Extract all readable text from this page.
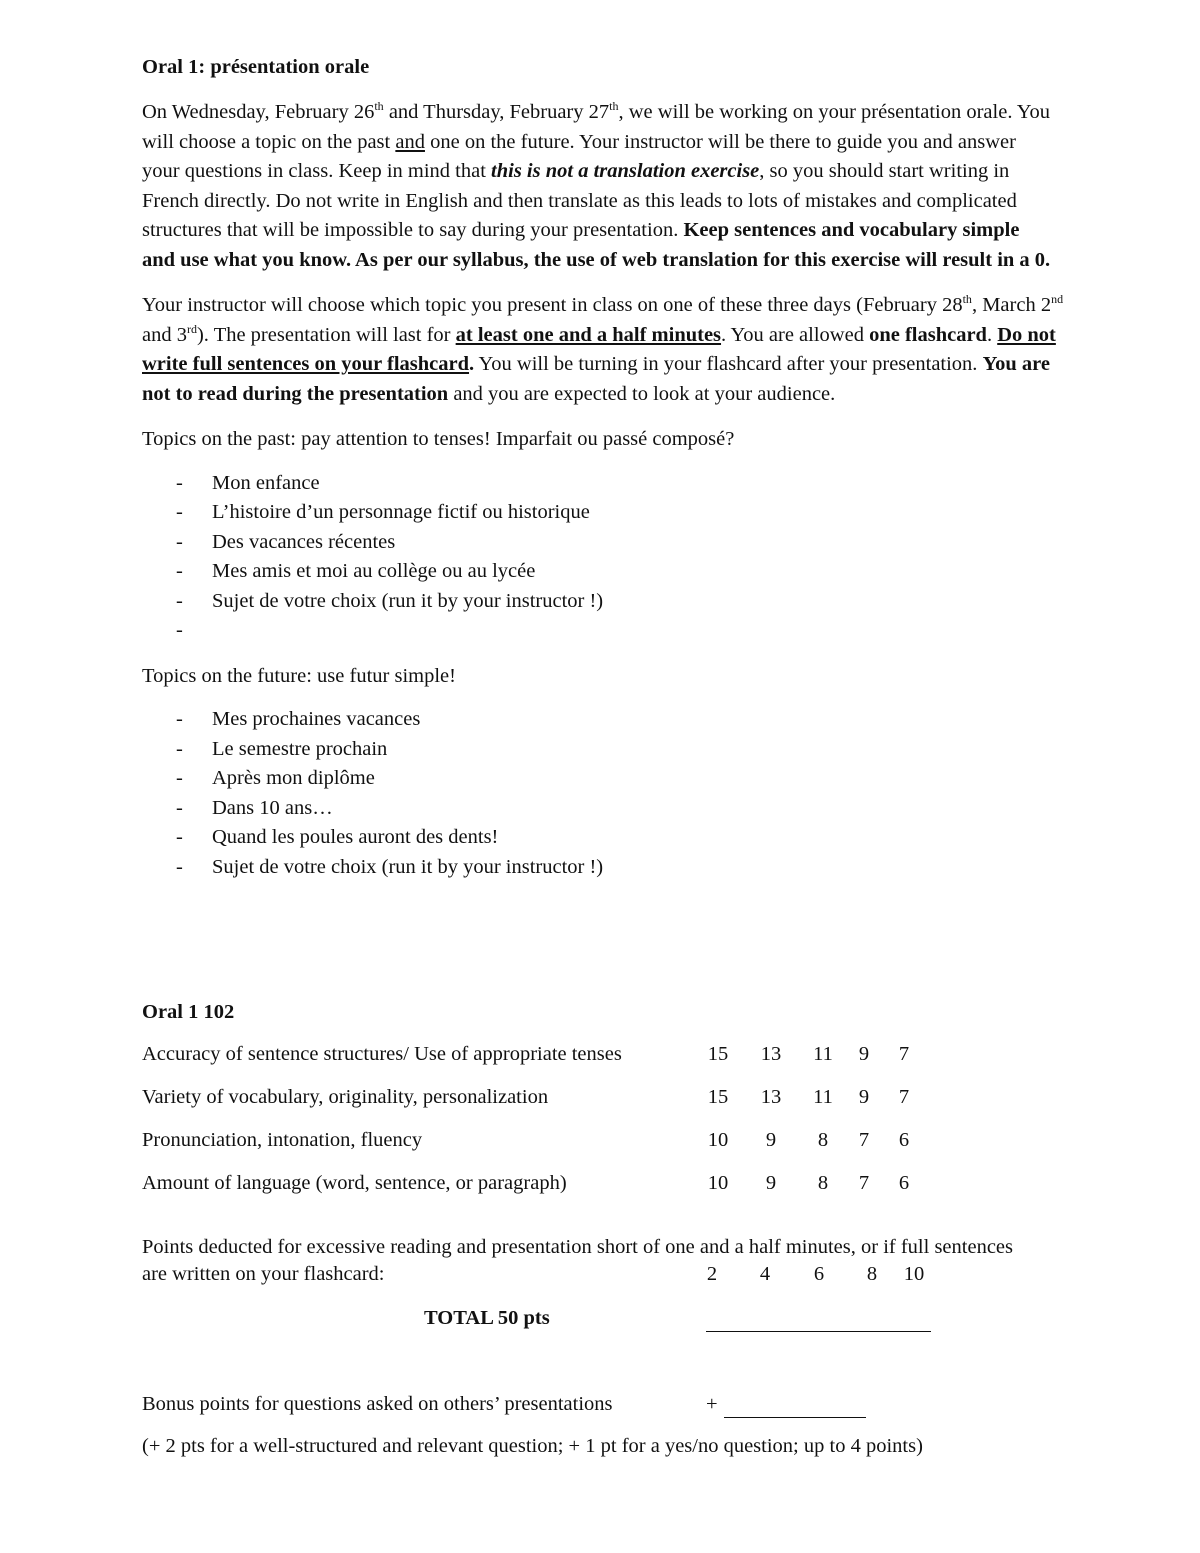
Oral 1: présentation orale

On Wednesday, February 26th and Thursday, February 27th, we will be working on your présentation orale. You will choose a topic on the past and one on the future. Your instructor will be there to guide you and answer your questions in class. Keep in mind that this is not a translation exercise, so you should start writing in French directly. Do not write in English and then translate as this leads to lots of mistakes and complicated structures that will be impossible to say during your presentation. Keep sentences and vocabulary simple and use what you know. As per our syllabus, the use of web translation for this exercise will result in a 0.

Your instructor will choose which topic you present in class on one of these three days (February 28th, March 2nd and 3rd). The presentation will last for at least one and a half minutes. You are allowed one flashcard. Do not write full sentences on your flashcard. You will be turning in your flashcard after your presentation. You are not to read during the presentation and you are expected to look at your audience.

Topics on the past: pay attention to tenses! Imparfait ou passé composé?

- Mon enfance
- L’histoire d’un personnage fictif ou historique
- Des vacances récentes
- Mes amis et moi au collège ou au lycée
- Sujet de votre choix (run it by your instructor !)
-

Topics on the future: use futur simple!

- Mes prochaines vacances
- Le semestre prochain
- Après mon diplôme
- Dans 10 ans…
- Quand les poules auront des dents!
- Sujet de votre choix (run it by your instructor !)
Oral 1 102
Accuracy of sentence structures/ Use of appropriate tenses	15 13 11	9	7
Variety of vocabulary, originality, personalization	15 13 11	9	7
Pronunciation, intonation, fluency	10	9	8	7	6
Amount of language (word, sentence, or paragraph)	10	9	8	7	6
Points deducted for excessive reading and presentation short of one and a half minutes, or if full sentences
are written on your flashcard:	2	4	6	8	10
TOTAL 50 pts
Bonus points for questions asked on others’ presentations	+
(+ 2 pts for a well-structured and relevant question; + 1 pt for a yes/no question; up to 4 points)
